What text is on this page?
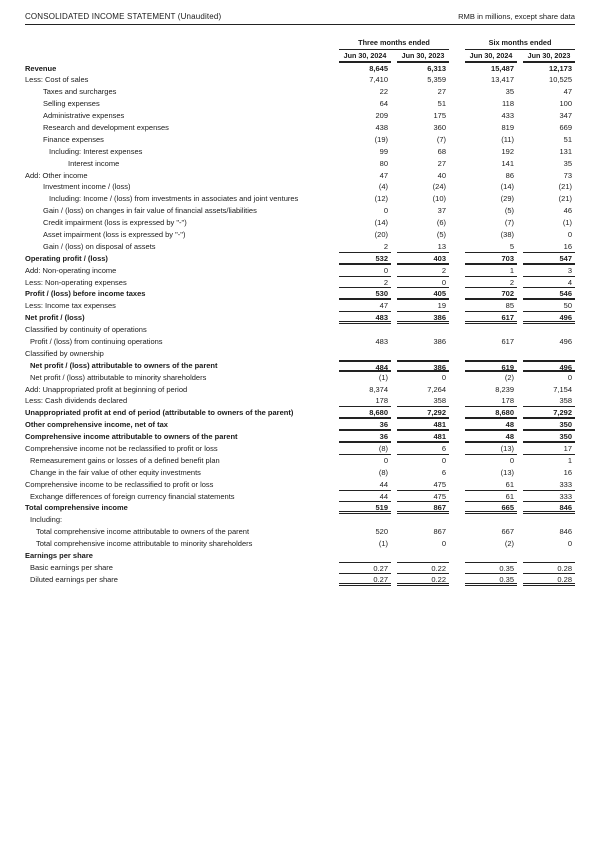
CONSOLIDATED INCOME STATEMENT (Unaudited)	RMB in millions, except share data
Three months ended	Six months ended
Jun 30, 2024	Jun 30, 2023	Jun 30, 2024	Jun 30, 2023
Revenue	8,645	6,313	15,487	12,173
Less: Cost of sales	7,410	5,359	13,417	10,525
Taxes and surcharges	22	27	35	47
Selling expenses	64	51	118	100
Administrative expenses	209	175	433	347
Research and development expenses	438	360	819	669
Finance expenses	(19)	(7)	(11)	51
Including: Interest expenses	99	68	192	131
Interest income	80	27	141	35
Add: Other income	47	40	86	73
Investment income / (loss)	(4)	(24)	(14)	(21)
Including: Income / (loss) from investments in associates and joint ventures	(12)	(10)	(29)	(21)
Gain / (loss) on changes in fair value of financial assets/liabilities	0	37	(5)	46
Credit impairment (loss is expressed by "-")	(14)	(6)	(7)	(1)
Asset impairment (loss is expressed by "-")	(20)	(5)	(38)	0
Gain / (loss) on disposal of assets	2	13	5	16
Operating profit / (loss)	532	403	703	547
Add: Non-operating income	0	2	1	3
Less: Non-operating expenses	2	0	2	4
Profit / (loss) before income taxes	530	405	702	546
Less: Income tax expenses	47	19	85	50
Net profit / (loss)	483	386	617	496
Classified by continuity of operations
Profit / (loss) from continuing operations	483	386	617	496
Classified by ownership
Net profit / (loss) attributable to owners of the parent	484	386	619	496
Net profit / (loss) attributable to minority shareholders	(1)	0	(2)	0
Add: Unappropriated profit at beginning of period	8,374	7,264	8,239	7,154
Less: Cash dividends declared	178	358	178	358
Unappropriated profit at end of period (attributable to owners of the parent)	8,680	7,292	8,680	7,292
Other comprehensive income, net of tax	36	481	48	350
Comprehensive income attributable to owners of the parent	36	481	48	350
Comprehensive income not be reclassified to profit or loss	(8)	6	(13)	17
Remeasurement gains or losses of a defined benefit plan	0	0	0	1
Change in the fair value of other equity investments	(8)	6	(13)	16
Comprehensive income to be reclassified to profit or loss	44	475	61	333
Exchange differences of foreign currency financial statements	44	475	61	333
Total comprehensive income	519	867	665	846
Including:
Total comprehensive income attributable to owners of the parent	520	867	667	846
Total comprehensive income attributable to minority shareholders	(1)	0	(2)	0
Earnings per share
Basic earnings per share	0.27	0.22	0.35	0.28
Diluted earnings per share	0.27	0.22	0.35	0.28
